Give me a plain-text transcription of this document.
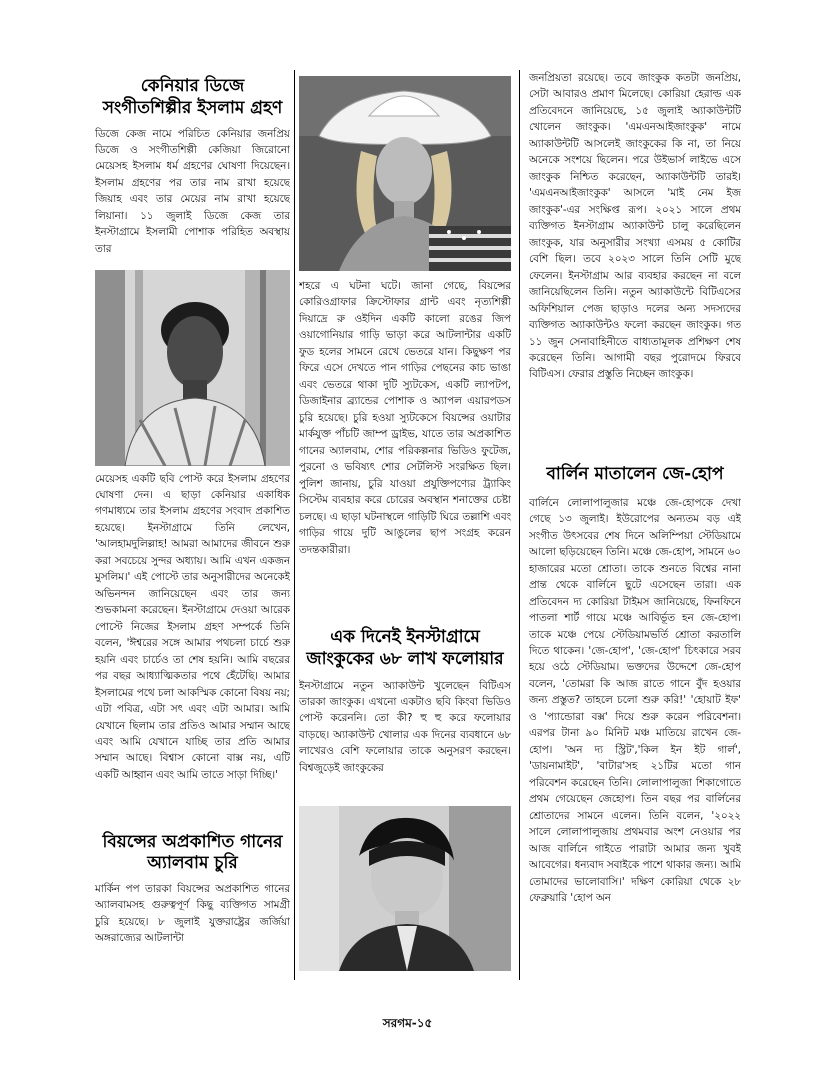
কেনিয়ার ডিজে সংগীতশিল্পীর ইসলাম গ্রহণ

ডিজে কেজ নামে পরিচিত কেনিয়ার জনপ্রিয় ডিজে ও সংগীতশিল্পী কেজিয়া জিরোনো মেয়েসহ ইসলাম ধর্ম গ্রহণের ঘোষণা দিয়েছেন। ইসলাম গ্রহণের পর তার নাম রাখা হয়েছে জিয়াহ এবং তার মেয়ের নাম রাখা হয়েছে লিয়ানা। ১১ জুলাই ডিজে কেজ তার ইনস্টাগ্রামে ইসলামী পোশাক পরিহিত অবস্থায় তার

মেয়েসহ একটি ছবি পোস্ট করে ইসলাম গ্রহণের ঘোষণা দেন। এ ছাড়া কেনিয়ার একাধিক গণমাধ্যমে তার ইসলাম গ্রহণের সংবাদ প্রকাশিত হয়েছে। ইনস্টাগ্রামে তিনি লেখেন, 'আলহামদুলিল্লাহ! আমরা আমাদের জীবনে শুরু করা সবচেয়ে সুন্দর অধ্যায়। আমি এখন একজন মুসলিম।' এই পোস্টে তার অনুসারীদের অনেকেই অভিনন্দন জানিয়েছেন এবং তার জন্য শুভকামনা করেছেন। ইনস্টাগ্রামে দেওয়া আরেক পোস্টে নিজের ইসলাম গ্রহণ সম্পর্কে তিনি বলেন, 'ঈশ্বরের সঙ্গে আমার পথচলা চার্চে শুরু হয়নি এবং চার্চেও তা শেষ হয়নি। আমি বছরের পর বছর আধ্যাত্মিকতার পথে হেঁটেছি। আমার ইসলামের পথে চলা আকস্মিক কোনো বিষয় নয়; এটা পবিত্র, এটা সৎ এবং এটা আমার। আমি যেখানে ছিলাম তার প্রতিও আমার সম্মান আছে এবং আমি যেখানে যাচ্ছি তার প্রতি আমার সম্মান আছে। বিশ্বাস কোনো বাক্স নয়, এটি একটি আহ্বান এবং আমি তাতে সাড়া দিচ্ছি।'

বিয়ন্সের অপ্রকাশিত গানের অ্যালবাম চুরি

মার্কিন পপ তারকা বিয়ন্সের অপ্রকাশিত গানের অ্যালবামসহ গুরুত্বপূর্ণ কিছু ব্যক্তিগত সামগ্রী চুরি হয়েছে। ৮ জুলাই যুক্তরাষ্ট্রের জর্জিয়া অঙ্গরাজ্যের আটলান্টা

শহরে এ ঘটনা ঘটে। জানা গেছে, বিয়ন্সের কোরিওগ্রাফার ক্রিস্টোফার গ্রান্ট এবং নৃত্যশিল্পী দিয়াদ্রে রু ওইদিন একটি কালো রঙের জিপ ওয়াগোনিয়ার গাড়ি ভাড়া করে আটলান্টার একটি ফুড হলের সামনে রেখে ভেতরে যান। কিছুক্ষণ পর ফিরে এসে দেখতে পান গাড়ির পেছনের কাচ ভাঙা এবং ভেতরে থাকা দুটি স্যুটকেস, একটি ল্যাপটপ, ডিজাইনার ব্র্যান্ডের পোশাক ও অ্যাপল এয়ারপডস চুরি হয়েছে। চুরি হওয়া স্যুটকেসে বিয়ন্সের ওয়াটার মার্কযুক্ত পাঁচটি জাম্প ড্রাইভ, যাতে তার অপ্রকাশিত গানের অ্যালবাম, শোর পরিকল্পনার ভিডিও ফুটেজ, পুরনো ও ভবিষ্যৎ শোর সেটলিস্ট সংরক্ষিত ছিল। পুলিশ জানায়, চুরি যাওয়া প্রযুক্তিপণ্যের ট্র্যাকিং সিস্টেম ব্যবহার করে চোরের অবস্থান শনাক্তের চেষ্টা চলছে। এ ছাড়া ঘটনাস্থলে গাড়িটি ঘিরে তল্লাশি এবং গাড়ির গায়ে দুটি আঙুলের ছাপ সংগ্রহ করেন তদন্তকারীরা।

এক দিনেই ইনস্টাগ্রামে জাংকুকের ৬৮ লাখ ফলোয়ার

ইনস্টাগ্রামে নতুন অ্যাকাউন্ট খুলেছেন বিটিএস তারকা জাংকুক। এখনো একটাও ছবি কিংবা ভিডিও পোস্ট করেননি। তো কী? হু হু করে ফলোয়ার বাড়ছে। অ্যাকাউন্ট খোলার এক দিনের ব্যবধানে ৬৮ লাখেরও বেশি ফলোয়ার তাকে অনুসরণ করছেন। বিশ্বজুড়েই জাংকুকের

জনপ্রিয়তা রয়েছে। তবে জাংকুক কতটা জনপ্রিয়, সেটা আবারও প্রমাণ মিলেছে। কোরিয়া হেরাল্ড এক প্রতিবেদনে জানিয়েছে, ১৫ জুলাই অ্যাকাউন্টটি খোলেন জাংকুক। 'এমএনআইজাংকুক' নামে অ্যাকাউন্টটি আসলেই জাংকুকের কি না, তা নিয়ে অনেকে সংশয়ে ছিলেন। পরে উইভার্স লাইভে এসে জাংকুক নিশ্চিত করেছেন, অ্যাকাউন্টটি তারই। 'এমএনআইজাংকুক' আসলে 'মাই নেম ইজ জাংকুক'-এর সংক্ষিপ্ত রূপ। ২০২১ সালে প্রথম ব্যক্তিগত ইনস্টাগ্রাম অ্যাকাউন্ট চালু করেছিলেন জাংকুক, যার অনুসারীর সংখ্যা এসময় ৫ কোটির বেশি ছিল। তবে ২০২৩ সালে তিনি সেটি মুছে ফেলেন। ইনস্টাগ্রাম আর ব্যবহার করছেন না বলে জানিয়েছিলেন তিনি। নতুন অ্যাকাউন্টে বিটিএসের অফিশিয়াল পেজ ছাড়াও দলের অন্য সদস্যদের ব্যক্তিগত অ্যাকাউন্টও ফলো করছেন জাংকুক। গত ১১ জুন সেনাবাহিনীতে বাধ্যতামূলক প্রশিক্ষণ শেষ করেছেন তিনি। আগামী বছর পুরোদমে ফিরবে বিটিএস। ফেরার প্রস্তুতি নিচ্ছেন জাংকুক।

বার্লিন মাতালেন জে-হোপ

বার্লিনে লোলাপালুজার মঞ্চে জে-হোপকে দেখা গেছে ১৩ জুলাই। ইউরোপের অন্যতম বড় এই সংগীত উৎসবের শেষ দিনে অলিম্পিয়া স্টেডিয়ামে আলো ছড়িয়েছেন তিনি। মঞ্চে জে-হোপ, সামনে ৬০ হাজারের মতো শ্রোতা। তাকে শুনতে বিশ্বের নানা প্রান্ত থেকে বার্লিনে ছুটে এসেছেন তারা। এক প্রতিবেদন দ্য কোরিয়া টাইমস জানিয়েছে, ফিনফিনে পাতলা শার্ট গায়ে মঞ্চে আবির্ভূত হন জে-হোপ। তাকে মঞ্চে পেয়ে স্টেডিয়ামভর্তি শ্রোতা করতালি দিতে থাকেন। 'জে-হোপ', 'জে-হোপ' চিৎকারে সরব হয়ে ওঠে স্টেডিয়াম। ভক্তদের উদ্দেশে জে-হোপ বলেন, 'তোমরা কি আজ রাতে গানে বুঁদ হওয়ার জন্য প্রস্তুত? তাহলে চলো শুরু করি!' 'হোয়াট ইফ' ও 'প্যান্ডোরা বক্স' দিয়ে শুরু করেন পরিবেশনা। এরপর টানা ৯০ মিনিট মঞ্চ মাতিয়ে রাখেন জে-হোপ। 'অন দ্য স্ট্রিট','কিল ইন ইট গার্ল', 'ডায়নামাইট', 'বাটার'সহ ২১টির মতো গান পরিবেশন করেছেন তিনি। লোলাপালুজা শিকাগোতে প্রথম গেয়েছেন জেহোপ। তিন বছর পর বার্লিনের শ্রোতাদের সামনে এলেন। তিনি বলেন, '২০২২ সালে লোলাপালুজায় প্রথমবার অংশ নেওয়ার পর আজ বার্লিনে গাইতে পারাটা আমার জন্য খুবই আবেগের। ধন্যবাদ সবাইকে পাশে থাকার জন্য। আমি তোমাদের ভালোবাসি।' দক্ষিণ কোরিয়া থেকে ২৮ ফেব্রুয়ারি 'হোপ অন

সরগম-১৫
